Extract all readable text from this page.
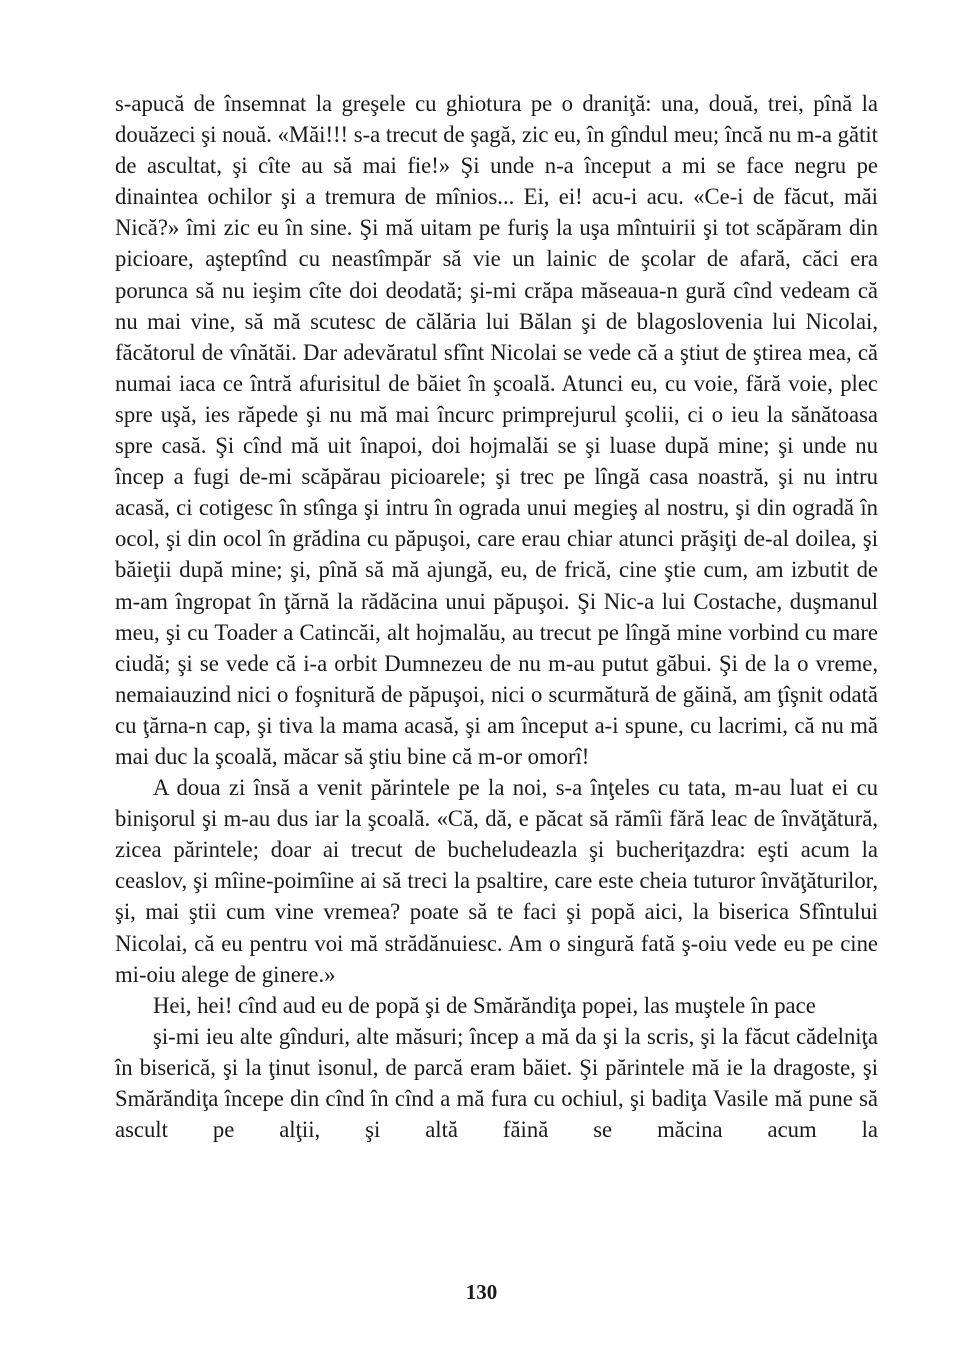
s-apucă de însemnat la greşele cu ghiotura pe o draniţă: una, două, trei, pînă la douăzeci şi nouă. «Măi!!! s-a trecut de şagă, zic eu, în gîndul meu; încă nu m-a gătit de ascultat, şi cîte au să mai fie!» Şi unde n-a început a mi se face negru pe dinaintea ochilor şi a tremura de mînios... Ei, ei! acu-i acu. «Ce-i de făcut, măi Nică?» îmi zic eu în sine. Şi mă uitam pe furiş la uşa mîntuirii şi tot scăpăram din picioare, aşteptînd cu neastîmpăr să vie un lainic de şcolar de afară, căci era porunca să nu ieşim cîte doi deodată; şi-mi crăpa măseaua-n gură cînd vedeam că nu mai vine, să mă scutesc de călăria lui Bălan şi de blagoslovenia lui Nicolai, făcătorul de vînătăi. Dar adevăratul sfînt Nicolai se vede că a ştiut de ştirea mea, că numai iaca ce întră afurisitul de băiet în şcoală. Atunci eu, cu voie, fără voie, plec spre uşă, ies răpede şi nu mă mai încurc primprejurul şcolii, ci o ieu la sănătoasa spre casă. Şi cînd mă uit înapoi, doi hojmalăi se şi luase după mine; şi unde nu încep a fugi de-mi scăpărau picioarele; şi trec pe lîngă casa noastră, şi nu intru acasă, ci cotigesc în stînga şi intru în ograda unui megieş al nostru, şi din ogradă în ocol, şi din ocol în grădina cu păpuşoi, care erau chiar atunci prăşiţi de-al doilea, şi băieţii după mine; şi, pînă să mă ajungă, eu, de frică, cine ştie cum, am izbutit de m-am îngropat în ţărnă la rădăcina unui păpuşoi. Şi Nic-a lui Costache, duşmanul meu, şi cu Toader a Catincăi, alt hojmalău, au trecut pe lîngă mine vorbind cu mare ciudă; şi se vede că i-a orbit Dumnezeu de nu m-au putut găbui. Şi de la o vreme, nemaiauzind nici o foşnitură de păpuşoi, nici o scurmătură de găină, am ţîşnit odată cu ţărna-n cap, şi tiva la mama acasă, şi am început a-i spune, cu lacrimi, că nu mă mai duc la şcoală, măcar să ştiu bine că m-or omorî!

A doua zi însă a venit părintele pe la noi, s-a înţeles cu tata, m-au luat ei cu binişorul şi m-au dus iar la şcoală. «Că, dă, e păcat să rămîi fără leac de învăţătură, zicea părintele; doar ai trecut de bucheludeazla şi bucheriţazdra: eşti acum la ceaslov, şi mîine-poimîine ai să treci la psaltire, care este cheia tuturor învăţăturilor, şi, mai ştii cum vine vremea? poate să te faci şi popă aici, la biserica Sfîntului Nicolai, că eu pentru voi mă strădănuiesc. Am o singură fată ş-oiu vede eu pe cine mi-oiu alege de ginere.»

Hei, hei! cînd aud eu de popă şi de Smărăndiţa popei, las muştele în pace

şi-mi ieu alte gînduri, alte măsuri; încep a mă da şi la scris, şi la făcut cădelniţa în biserică, şi la ţinut isonul, de parcă eram băiet. Şi părintele mă ie la dragoste, şi Smărăndiţa începe din cînd în cînd a mă fura cu ochiul, şi badiţa Vasile mă pune să ascult pe alţii, şi altă făină se măcina acum la

130
